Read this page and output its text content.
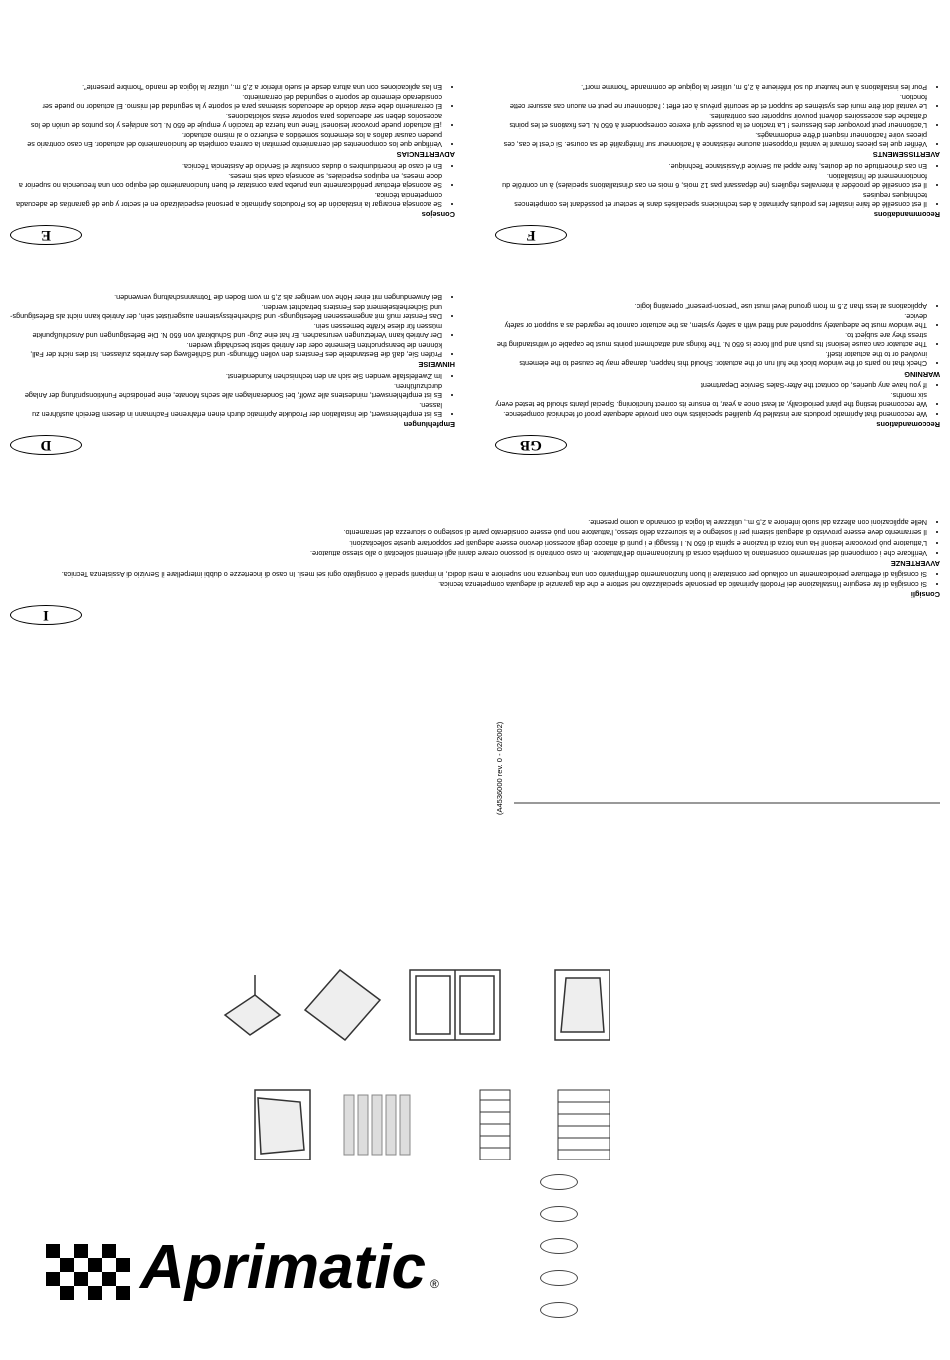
I
Consigli
• Si consiglia di far eseguire l'installazione dei Prodotti Aprimatic da personale specializzato nel settore e che dia garanzie di adeguata competenza tecnica.
• Si consiglia di effettuare periodicamente un collaudo per constatare il buon funzionamento dell'impianto con una frequenza non superiore a mesi dodici, in impianti speciali è consigliato ogni sei mesi. In caso di incertezze o dubbi interpellare il Servizio di Assistenza Tecnica.
AVVERTENZE
• Verificare che i componenti del serramento consentano la completa corsa di funzionamento dell'attuatore. In caso contrario si possono creare danni agli elementi sollecitati o allo stesso attuatore.
• L'attuatore può provocare lesioni! Ha una forza di trazione e spinta di 650 N. I fissaggi e i punti di attacco degli accessori devono essere adeguati per sopportare queste sollecitazioni.
• Il serramento deve essere provvisto di adeguati sistemi per il sostegno e la sicurezza dello stesso, l'attuatore non può essere considerato parte di sostegno o sicurezza del serramento.
• Nelle applicazioni con altezza dal suolo inferiore a 2,5 m., utilizzare la logica di comando a uomo presente.
GB
Reccomandations
• We reccomend that Aprimatic products are installed by qualified specialists who can provide adequate proof of technical competence.
• We reccomend testing the plant periodically, at least once a year, to ensure its correct functioning. Special plants should be tested every six months.
• If you have any queries, do contact the After-Sales Service Department
WARNING
• Check that no parts of the window block the full run of the actuator. Should this happen, damage may be caused to the elements involved or to the actuator itself.
• The actuator can cause lesions! Its push and pull force is 650 N. The fixings and attachment points must be capable of withstanding the stress they are subject to.
• The window must be adequately supported and fitted with a safety system, as the actuator cannot be regarded as a support or safety device.
• Applications at less than 2.5 m from ground level must use "person-present" operating logic.
F
Recommandations
• Il est conseillé de faire installer les produits Aprimatic à des techniciens specialisés dans le secteur et possédant les compétences techniques requises
• Il est conseillé de procéder à intervalles réguliers (ne dépassant pas 12 mois, 6 mois en cas d'installations speciales) à un contrôle du fonctionnement de l'installation.
• En cas d'incertitude ou de doutes, faire appel au Service d'Assistance Technique.
AVERTISSEMENTS
• Vérifier que les pieces formant le vantail n'opposent aucune résistance à l'actionneur sur l'intégralité de sa course. Si c'est le cas, ces pieces voire l'actionneur risquent d'être endommagés.
• L'actionneur peut provoquer des blessures ! La traction et la poussée qu'il exerce correspondent à 650 N. Les fixations et les points d'attache des accessoires doivent pouvoir supporter ces contraintes.
• Le vantail doit être muni des systèmes de support et de securité prévus à cet effet ; l'actionneur ne peut en aucun cas assurer cette fonction.
• Pour les installations à une hauteur du sol inférieure à 2,5 m, utiliser la logique de commande "homme mort".
D
Empfehlungen
• Es ist empfehlenswert, die Installation der Produkte Aprimatic durch einen erfahrenen Fachmann in diesem Bereich ausführen zu lassen.
• Es ist empfehlenswert, mindestens alle zwölf, bei Sonderanlagen alle sechs Monate, eine periodische Funktionsprüfung der Anlage durchzuführen.
• Im Zweifelsfalle wenden Sie sich an den technischen Kundendienst.
HINWEISE
• Prüfen Sie, daß die Bestandteile des Fensters den vollen Öffnungs- und Schließweg des Antriebs zulassen. Ist dies nicht der Fall, können die beanspruchten Elemente oder der Antrieb selbst beschädigt werden.
• Der Antrieb kann Verletzungen verursachen. Er hat eine Zug- und Schubkraft von 650 N. Die Befestigungen und Anschlußpunkte müssen für diese Kräfte bemessen sein.
• Das Fenster muß mit angemessenen Befestigungs- und Sicherheitssystemen ausgerüstet sein, der Antrieb kann nicht als Befestigungs- und Sicherheitselement des Fensters betrachtet werden.
• Bei Anwendungen mit einer Höhe von weniger als 2,5 m vom Boden die Totmannschaltung verwenden.
E
Consejos
• Se aconseja encargar la instalación de los Productos Aprimatic a personal especializado en el sector y que dé garantías de adecuada competencia técnica.
• Se aconseja efectuar periódicamente una prueba para constatar el buen funcionamiento del equipo con una frecuencia no superior a doce meses, en equipos especiales, se aconseja cada seis meses.
• En el caso de incertidumbres o dudas consultar el Servicio de Asistencia Técnica.
ADVERTENCIAS
• Verifique que los componentes del cerramiento permitan la carrera completa de funcionamiento del actuador. En caso contrario se pueden causar daños a los elementos sometidos a esfuerzo o al mismo actuador.
• ¡El actuador puede provocar lesiones! Tiene una fuerza de tracción y empuje de 650 N. Los anclajes y los puntos de unión de los accesorios deben ser adecuados para soportar estas solicitaciones.
• El cerramiento debe estar dotado de adecuados sistemas para el soporte y la seguridad del mismo. El actuador no puede ser considerado elemento de soporte o seguridad del cerramiento.
• En las aplicaciones con una altura desde el suelo inferior a 2,5 m., utilizar la lógica de mando "hombre presente".
(A4536000 rev. 0 - 02/2002)
Aprimatic ®
